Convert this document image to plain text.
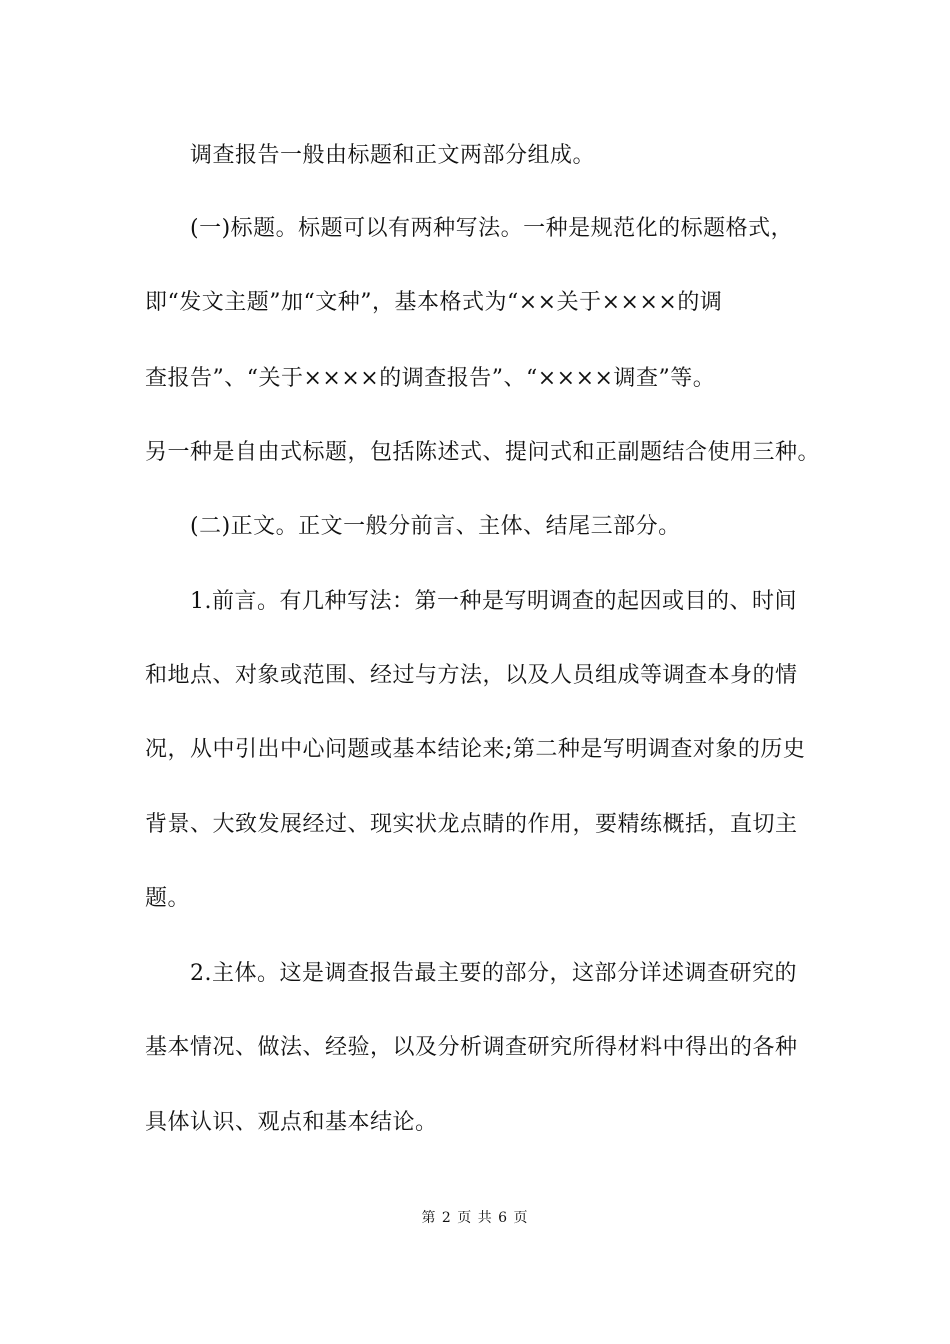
调查报告一般由标题和正文两部分组成。
(一)标题。标题可以有两种写法。一种是规范化的标题格式，
即“发文主题”加“文种”，基本格式为“××关于××××的调
查报告”、“关于××××的调查报告”、“××××调查”等。
另一种是自由式标题，包括陈述式、提问式和正副题结合使用三种。
(二)正文。正文一般分前言、主体、结尾三部分。
1.前言。有几种写法：第一种是写明调查的起因或目的、时间
和地点、对象或范围、经过与方法，以及人员组成等调查本身的情
况，从中引出中心问题或基本结论来;第二种是写明调查对象的历史
背景、大致发展经过、现实状龙点睛的作用，要精练概括，直切主
题。
2.主体。这是调查报告最主要的部分，这部分详述调查研究的
基本情况、做法、经验，以及分析调查研究所得材料中得出的各种
具体认识、观点和基本结论。
第 2 页 共 6 页
